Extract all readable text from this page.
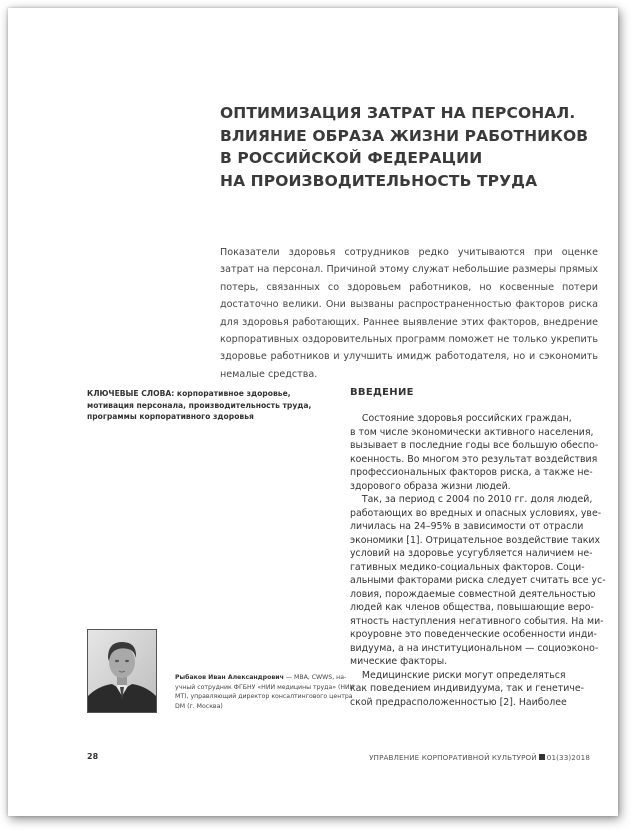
ОПТИМИЗАЦИЯ ЗАТРАТ НА ПЕРСОНАЛ.
ВЛИЯНИЕ ОБРАЗА ЖИЗНИ РАБОТНИКОВ
В РОССИЙСКОЙ ФЕДЕРАЦИИ
НА ПРОИЗВОДИТЕЛЬНОСТЬ ТРУДА
Показатели здоровья сотрудников редко учитываются при оценке затрат на персонал. Причиной этому служат небольшие размеры прямых потерь, связанных со здоровьем работников, но косвенные потери достаточно велики. Они вызваны распространенностью факторов риска для здоровья работающих. Раннее выявление этих факторов, внедрение корпоративных оздоровительных программ поможет не только укрепить здоровье работников и улучшить имидж работодателя, но и сэкономить немалые средства.
КЛЮЧЕВЫЕ СЛОВА: корпоративное здоровье, мотивация персонала, производительность труда, программы корпоративного здоровья
ВВЕДЕНИЕ
Состояние здоровья российских граждан,
в том числе экономически активного населения,
вызывает в последние годы все большую обеспо-
коенность. Во многом это результат воздействия
профессиональных факторов риска, а также не-
здорового образа жизни людей.
Так, за период с 2004 по 2010 гг. доля людей,
работающих во вредных и опасных условиях, уве-
личилась на 24–95% в зависимости от отрасли
экономики [1]. Отрицательное воздействие таких
условий на здоровье усугубляется наличием не-
гативных медико-социальных факторов. Соци-
альными факторами риска следует считать все ус-
ловия, порождаемые совместной деятельностью
людей как членов общества, повышающие веро-
ятность наступления негативного события. На ми-
кроуровне это поведенческие особенности инди-
видуума, а на институциональном — социоэконо-
мические факторы.
Медицинские риски могут определяться
как поведением индивидуума, так и генетиче-
ской предрасположенностью [2]. Наиболее
Рыбаков Иван Александрович — MBA, CWWS, на-
учный сотрудник ФГБНУ «НИИ медицины труда» (НИИ
МТ), управляющий директор консалтингового центра
DM (г. Москва)
28	УПРАВЛЕНИЕ КОРПОРАТИВНОЙ КУЛЬТУРОЙ 01(33)2018
